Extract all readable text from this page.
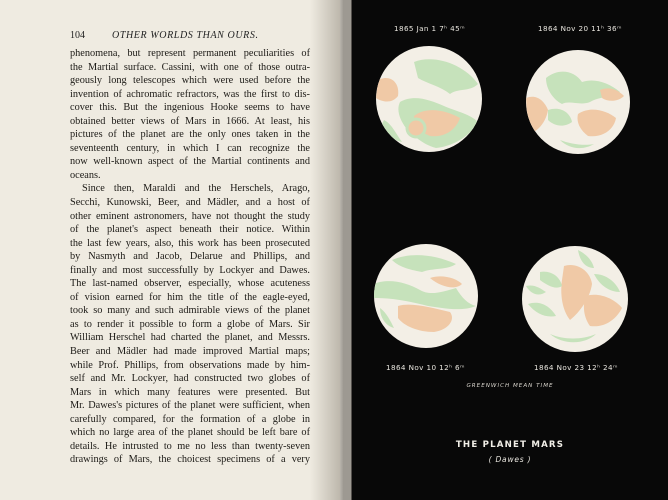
104	OTHER WORLDS THAN OURS.
phenomena, but represent permanent peculiarities of
the Martial surface. Cassini, with one of those outra-
geously long telescopes which were used before the
invention of achromatic refractors, was the first to dis-
cover this. But the ingenious Hooke seems to have
obtained better views of Mars in 1666. At least, his
pictures of the planet are the only ones taken in the
seventeenth century, in which I can recognize the
now well-known aspect of the Martial continents and
oceans.
Since then, Maraldi and the Herschels, Arago,
Secchi, Kunowski, Beer, and Mädler, and a host of
other eminent astronomers, have not thought the study
of the planet's aspect beneath their notice. Within
the last few years, also, this work has been prosecuted
by Nasmyth and Jacob, Delarue and Phillips, and
finally and most successfully by Lockyer and Dawes.
The last-named observer, especially, whose acuteness
of vision earned for him the title of the eagle-eyed,
took so many and such admirable views of the planet
as to render it possible to form a globe of Mars. Sir
William Herschel had charted the planet, and Messrs.
Beer and Mädler had made improved Martial maps;
while Prof. Phillips, from observations made by him-
self and Mr. Lockyer, had constructed two globes of
Mars in which many features were presented. But
Mr. Dawes's pictures of the planet were sufficient, when
carefully compared, for the formation of a globe in
which no large area of the planet should be left bare of
details. He intrusted to me no less than twenty-seven
drawings of Mars, the choicest specimens of a very
1865 Jan 1 7ʰ 45ᵐ	1864 Nov 20 11ʰ 36ᵐ
1864 Nov 10 12ʰ 6ᵐ	1864 Nov 23 12ʰ 24ᵐ
GREENWICH MEAN TIME
THE PLANET MARS
( Dawes )
